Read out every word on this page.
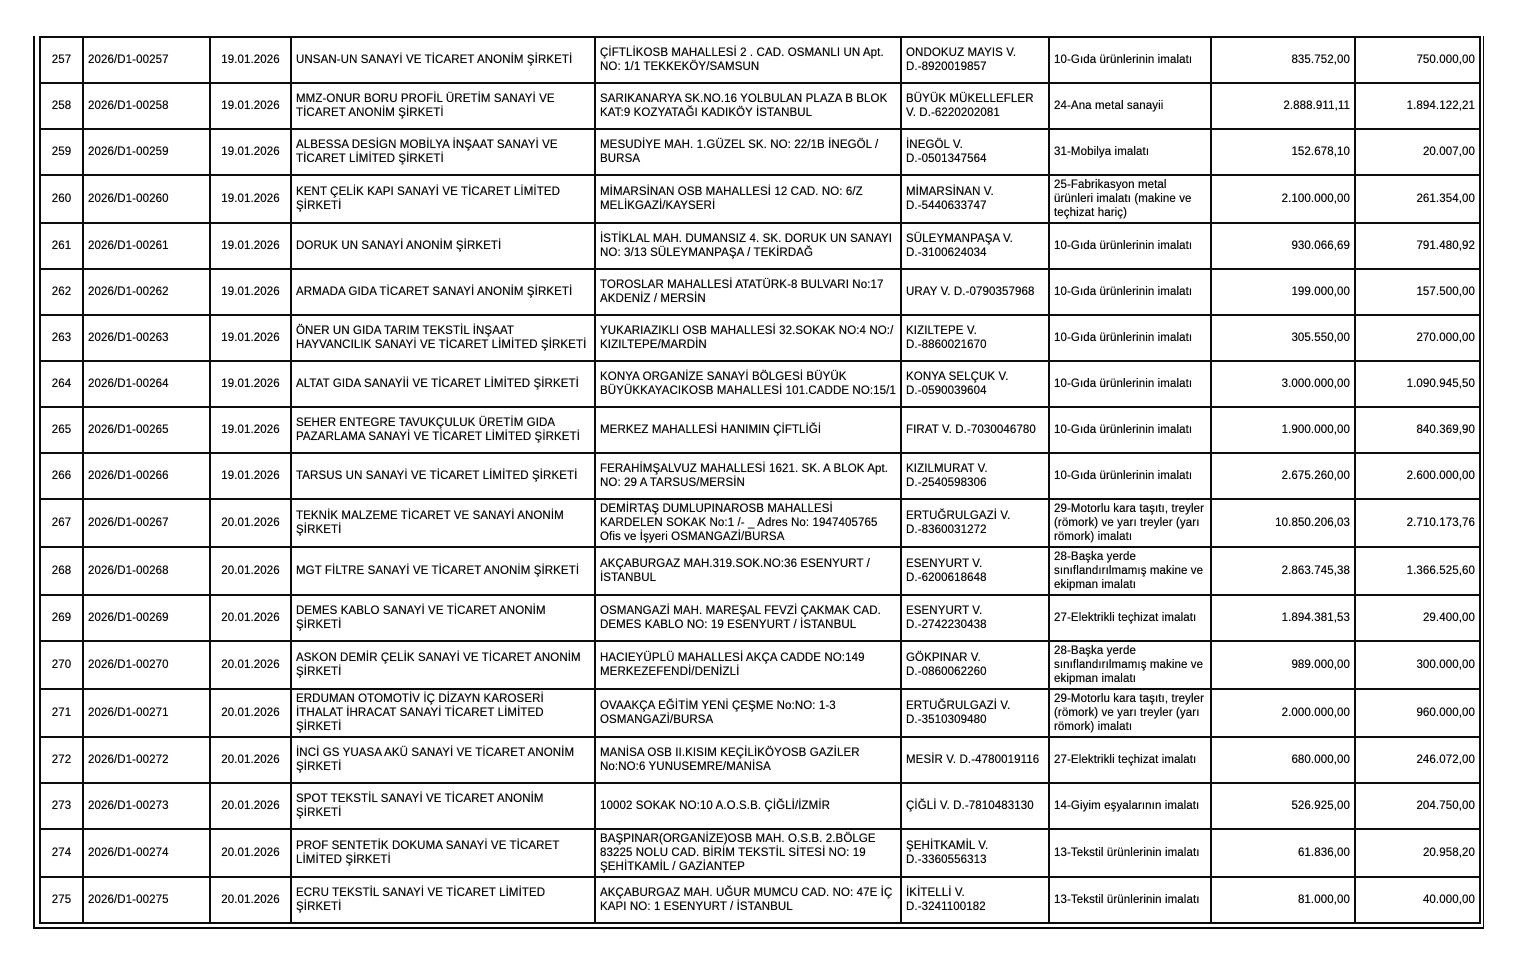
257	2026/D1-00257	19.01.2026	UNSAN-UN SANAYİ VE TİCARET ANONİM ŞİRKETİ	ÇİFTLİKOSB MAHALLESİ 2 . CAD. OSMANLI UN Apt. NO: 1/1 TEKKEKÖY/SAMSUN	ONDOKUZ MAYIS V. D.-8920019857	10-Gıda ürünlerinin imalatı	835.752,00	750.000,00
258	2026/D1-00258	19.01.2026	MMZ-ONUR BORU PROFİL ÜRETİM SANAYİ VE TİCARET ANONİM ŞİRKETİ	SARIKANARYA SK.NO.16 YOLBULAN PLAZA B BLOK KAT:9 KOZYATAĞI KADIKÖY İSTANBUL	BÜYÜK MÜKELLEFLER V. D.-6220202081	24-Ana metal sanayii	2.888.911,11	1.894.122,21
259	2026/D1-00259	19.01.2026	ALBESSA DESİGN MOBİLYA İNŞAAT SANAYİ VE TİCARET LİMİTED ŞİRKETİ	MESUDİYE MAH. 1.GÜZEL SK. NO: 22/1B İNEGÖL / BURSA	İNEGÖL V. D.-0501347564	31-Mobilya imalatı	152.678,10	20.007,00
260	2026/D1-00260	19.01.2026	KENT ÇELİK KAPI SANAYİ VE TİCARET LİMİTED ŞİRKETİ	MİMARSİNAN OSB MAHALLESİ 12 CAD. NO: 6/Z MELİKGAZİ/KAYSERİ	MİMARSİNAN V. D.-5440633747	25-Fabrikasyon metal ürünleri imalatı (makine ve teçhizat hariç)	2.100.000,00	261.354,00
261	2026/D1-00261	19.01.2026	DORUK UN SANAYİ ANONİM ŞİRKETİ	İSTİKLAL MAH. DUMANSIZ 4. SK. DORUK UN SANAYI NO: 3/13 SÜLEYMANPAŞA / TEKİRDAĞ	SÜLEYMANPAŞA V. D.-3100624034	10-Gıda ürünlerinin imalatı	930.066,69	791.480,92
262	2026/D1-00262	19.01.2026	ARMADA GIDA TİCARET SANAYİ ANONİM ŞİRKETİ	TOROSLAR MAHALLESİ ATATÜRK-8 BULVARI No:17 AKDENİZ / MERSİN	URAY V. D.-0790357968	10-Gıda ürünlerinin imalatı	199.000,00	157.500,00
263	2026/D1-00263	19.01.2026	ÖNER UN GIDA TARIM TEKSTİL İNŞAAT HAYVANCILIK SANAYİ VE TİCARET LİMİTED ŞİRKETİ	YUKARIAZIKLI OSB MAHALLESİ 32.SOKAK NO:4 NO:/ KIZILTEPE/MARDİN	KIZILTEPE V. D.-8860021670	10-Gıda ürünlerinin imalatı	305.550,00	270.000,00
264	2026/D1-00264	19.01.2026	ALTAT GIDA SANAYİİ VE TİCARET LİMİTED ŞİRKETİ	KONYA ORGANİZE SANAYİ BÖLGESİ BÜYÜK BÜYÜKKAYACIKOSB MAHALLESİ 101.CADDE NO:15/1	KONYA SELÇUK V. D.-0590039604	10-Gıda ürünlerinin imalatı	3.000.000,00	1.090.945,50
265	2026/D1-00265	19.01.2026	SEHER ENTEGRE TAVUKÇULUK ÜRETİM GIDA PAZARLAMA SANAYİ VE TİCARET LİMİTED ŞİRKETİ	MERKEZ MAHALLESİ HANIMIN ÇİFTLİĞİ	FIRAT V. D.-7030046780	10-Gıda ürünlerinin imalatı	1.900.000,00	840.369,90
266	2026/D1-00266	19.01.2026	TARSUS UN SANAYİ VE TİCARET LİMİTED ŞİRKETİ	FERAHİMŞALVUZ MAHALLESİ 1621. SK. A BLOK Apt. NO: 29 A TARSUS/MERSİN	KIZILMURAT V. D.-2540598306	10-Gıda ürünlerinin imalatı	2.675.260,00	2.600.000,00
267	2026/D1-00267	20.01.2026	TEKNİK MALZEME TİCARET VE SANAYİ ANONİM ŞİRKETİ	DEMİRTAŞ DUMLUPINAROSB MAHALLESİ KARDELEN SOKAK No:1 /- _ Adres No: 1947405765 Ofis ve İşyeri OSMANGAZİ/BURSA	ERTUĞRULGAZİ V. D.-8360031272	29-Motorlu kara taşıtı, treyler (römork) ve yarı treyler (yarı römork) imalatı	10.850.206,03	2.710.173,76
268	2026/D1-00268	20.01.2026	MGT FİLTRE SANAYİ VE TİCARET ANONİM ŞİRKETİ	AKÇABURGAZ MAH.319.SOK.NO:36 ESENYURT / İSTANBUL	ESENYURT V. D.-6200618648	28-Başka yerde sınıflandırılmamış makine ve ekipman imalatı	2.863.745,38	1.366.525,60
269	2026/D1-00269	20.01.2026	DEMES KABLO SANAYİ VE TİCARET ANONİM ŞİRKETİ	OSMANGAZİ MAH. MAREŞAL FEVZİ ÇAKMAK CAD. DEMES KABLO NO: 19 ESENYURT / İSTANBUL	ESENYURT V. D.-2742230438	27-Elektrikli teçhizat imalatı	1.894.381,53	29.400,00
270	2026/D1-00270	20.01.2026	ASKON DEMİR ÇELİK SANAYİ VE TİCARET ANONİM ŞİRKETİ	HACIEYÜPLÜ MAHALLESİ AKÇA CADDE NO:149 MERKEZEFENDİ/DENİZLİ	GÖKPINAR V. D.-0860062260	28-Başka yerde sınıflandırılmamış makine ve ekipman imalatı	989.000,00	300.000,00
271	2026/D1-00271	20.01.2026	ERDUMAN OTOMOTİV İÇ DİZAYN KAROSERİ İTHALAT İHRACAT SANAYİ TİCARET LİMİTED ŞİRKETİ	OVAAKÇA EĞİTİM YENİ ÇEŞME No:NO: 1-3 OSMANGAZİ/BURSA	ERTUĞRULGAZİ V. D.-3510309480	29-Motorlu kara taşıtı, treyler (römork) ve yarı treyler (yarı römork) imalatı	2.000.000,00	960.000,00
272	2026/D1-00272	20.01.2026	İNCİ GS YUASA AKÜ SANAYİ VE TİCARET ANONİM ŞİRKETİ	MANİSA OSB II.KISIM KEÇİLİKÖYOSB GAZİLER No:NO:6 YUNUSEMRE/MANİSA	MESİR V. D.-4780019116	27-Elektrikli teçhizat imalatı	680.000,00	246.072,00
273	2026/D1-00273	20.01.2026	SPOT TEKSTİL SANAYİ VE TİCARET ANONİM ŞİRKETİ	10002 SOKAK NO:10 A.O.S.B. ÇİĞLİ/İZMİR	ÇİĞLİ V. D.-7810483130	14-Giyim eşyalarının imalatı	526.925,00	204.750,00
274	2026/D1-00274	20.01.2026	PROF SENTETİK DOKUMA SANAYİ VE TİCARET LİMİTED ŞİRKETİ	BAŞPINAR(ORGANİZE)OSB MAH. O.S.B. 2.BÖLGE 83225 NOLU CAD. BİRİM TEKSTİL SİTESİ NO: 19 ŞEHİTKAMİL / GAZİANTEP	ŞEHİTKAMİL V. D.-3360556313	13-Tekstil ürünlerinin imalatı	61.836,00	20.958,20
275	2026/D1-00275	20.01.2026	ECRU TEKSTİL SANAYİ VE TİCARET LİMİTED ŞİRKETİ	AKÇABURGAZ MAH. UĞUR MUMCU CAD. NO: 47E İÇ KAPI NO: 1 ESENYURT / İSTANBUL	İKİTELLİ V. D.-3241100182	13-Tekstil ürünlerinin imalatı	81.000,00	40.000,00
